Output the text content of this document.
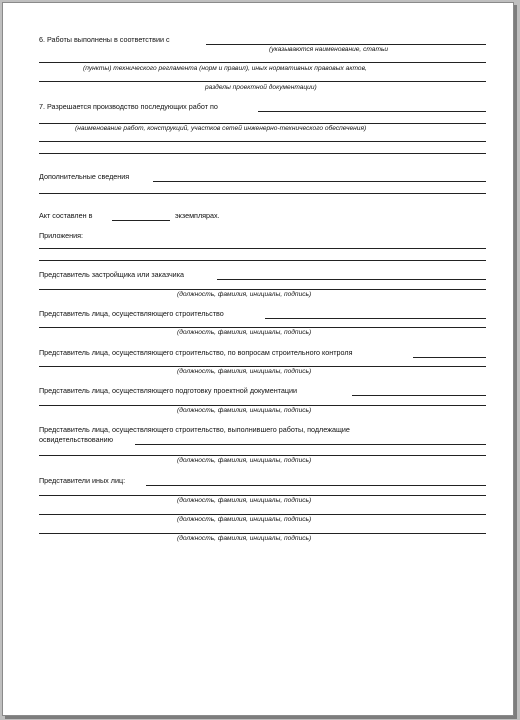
6. Работы выполнены в соответствии с
(указываются наименование, статьи
(пункты) технического регламента (норм и правил), иных нормативных правовых актов,
разделы проектной документации)
7. Разрешается производство последующих работ по
(наименование работ, конструкций, участков сетей инженерно-технического обеспечения)
Дополнительные сведения
Акт составлен в	экземплярах.
Приложения:
Представитель застройщика или заказчика
(должность, фамилия, инициалы, подпись)
Представитель лица, осуществляющего строительство
(должность, фамилия, инициалы, подпись)
Представитель лица, осуществляющего строительство, по вопросам строительного контроля
(должность, фамилия, инициалы, подпись)
Представитель лица, осуществляющего подготовку проектной документации
(должность, фамилия, инициалы, подпись)
Представитель лица, осуществляющего строительство, выполнившего работы, подлежащие
освидетельствованию
(должность, фамилия, инициалы, подпись)
Представители иных лиц:
(должность, фамилия, инициалы, подпись)
(должность, фамилия, инициалы, подпись)
(должность, фамилия, инициалы, подпись)
